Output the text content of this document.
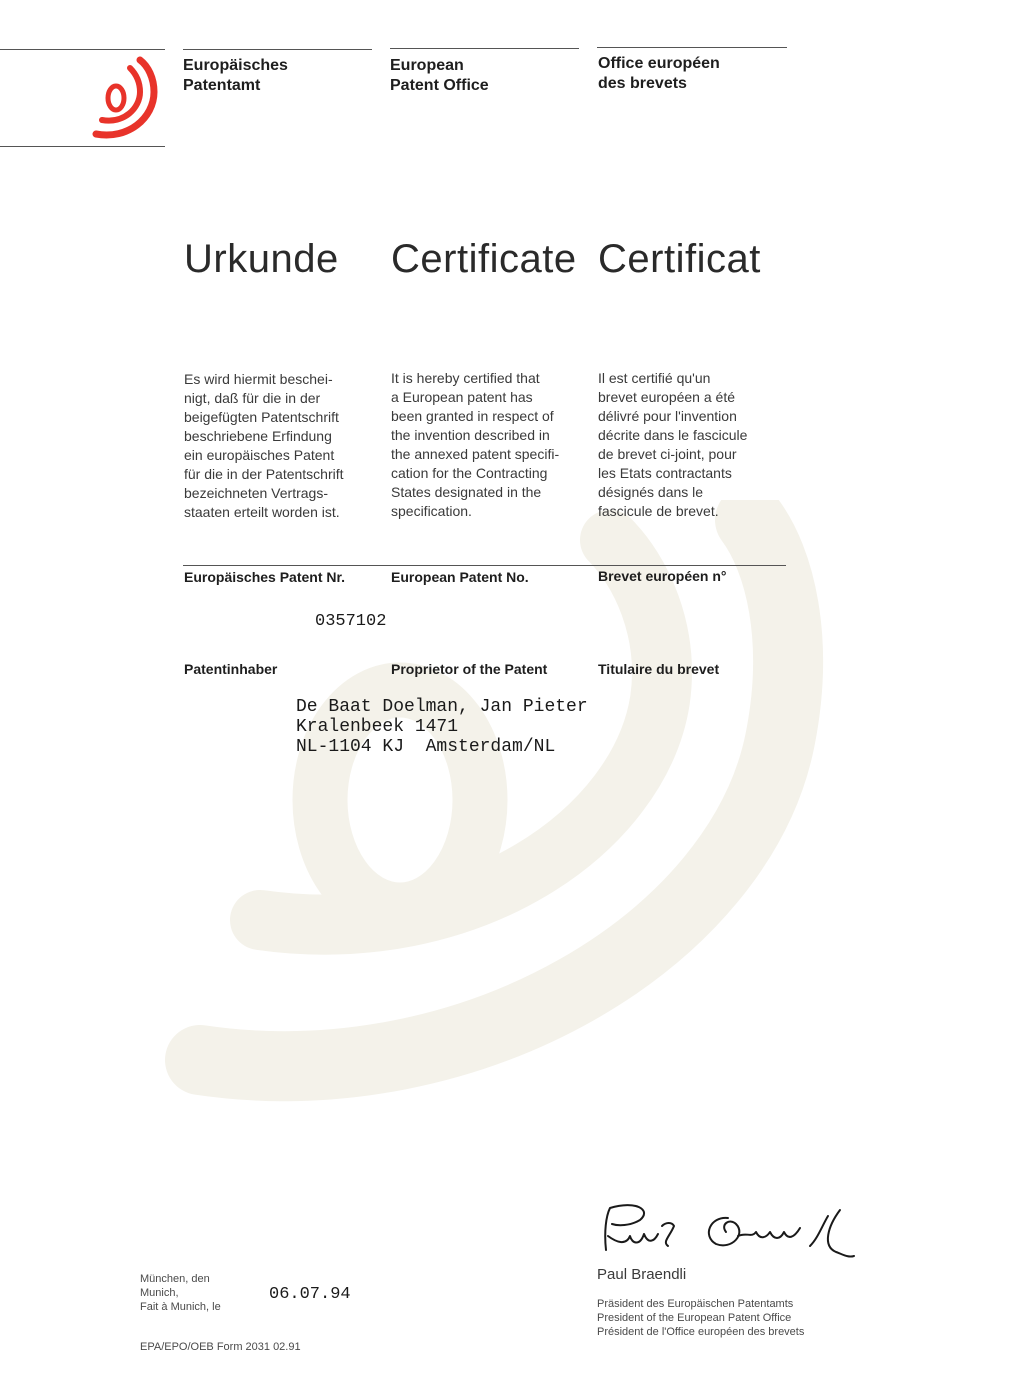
Europäisches
Patentamt
European
Patent Office
Office européen
des brevets
Urkunde Certificate Certificat
Es wird hiermit beschei-
nigt, daß für die in der
beigefügten Patentschrift
beschriebene Erfindung
ein europäisches Patent
für die in der Patentschrift
bezeichneten Vertrags-
staaten erteilt worden ist.
It is hereby certified that
a European patent has
been granted in respect of
the invention described in
the annexed patent specifi-
cation for the Contracting
States designated in the
specification.
Il est certifié qu'un
brevet européen a été
délivré pour l'invention
décrite dans le fascicule
de brevet ci-joint, pour
les Etats contractants
désignés dans le
fascicule de brevet.
Europäisches Patent Nr.	European Patent No.	Brevet européen n°
0357102
Patentinhaber	Proprietor of the Patent	Titulaire du brevet
De Baat Doelman, Jan Pieter
Kralenbeek 1471
NL-1104 KJ  Amsterdam/NL
Paul Braendli
Präsident des Europäischen Patentamts
President of the European Patent Office
Président de l'Office européen des brevets
München, den
Munich,
Fait à Munich, le
06.07.94
EPA/EPO/OEB Form 2031 02.91
